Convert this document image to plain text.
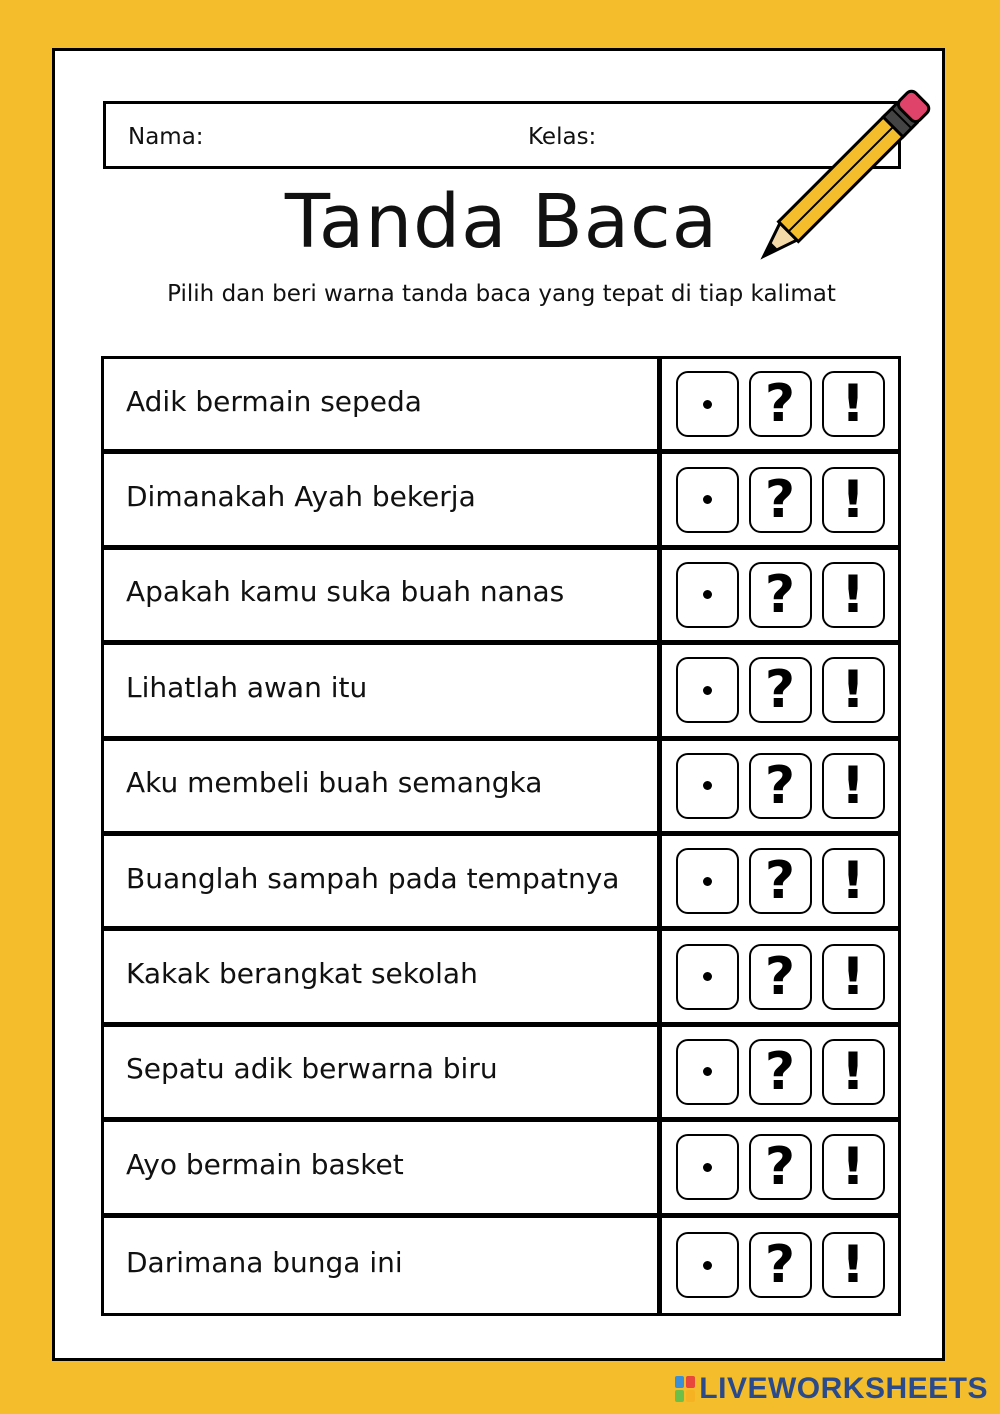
Nama:	Kelas:
Tanda Baca
Pilih dan beri warna tanda baca yang tepat di tiap kalimat
Adik bermain sepeda	? !
Dimanakah Ayah bekerja	? !
Apakah kamu suka buah nanas	? !
Lihatlah awan itu	? !
Aku membeli buah semangka	? !
Buanglah sampah pada tempatnya	? !
Kakak berangkat sekolah	? !
Sepatu adik berwarna biru	? !
Ayo bermain basket	? !
Darimana bunga ini	? !
LIVEWORKSHEETS
